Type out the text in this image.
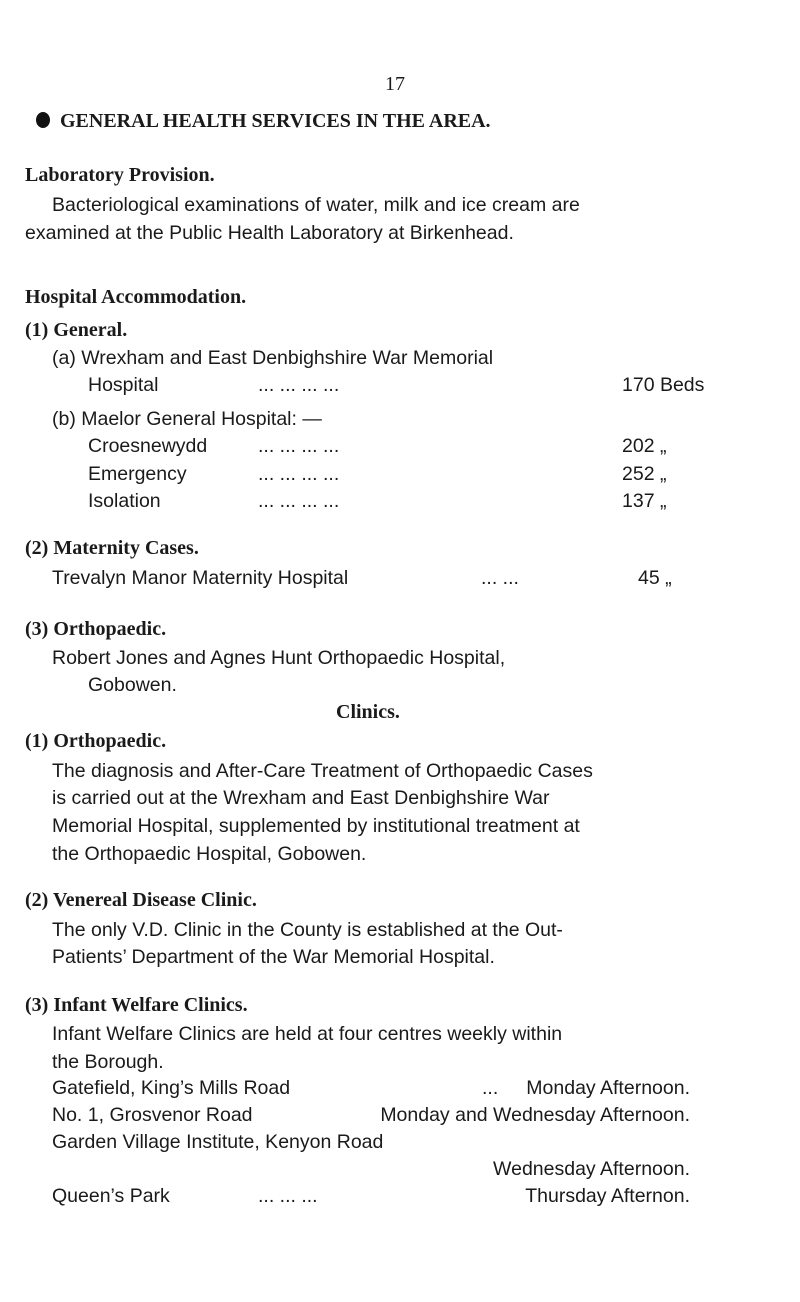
17
GENERAL HEALTH SERVICES IN THE AREA.
Laboratory Provision.
Bacteriological examinations of water, milk and ice cream are
examined at the Public Health Laboratory at Birkenhead.
Hospital Accommodation.
(1) General.
(a) Wrexham and East Denbighshire War Memorial
Hospital	... ... ... ...	170 Beds
(b) Maelor General Hospital: —
Croesnewydd	... ... ... ...	202 „
Emergency	... ... ... ...	252 „
Isolation	... ... ... ...	137 „
(2) Maternity Cases.
Trevalyn Manor Maternity Hospital	... ...	45 „
(3) Orthopaedic.
Robert Jones and Agnes Hunt Orthopaedic Hospital,
Gobowen.
Clinics.
(1) Orthopaedic.
The diagnosis and After-Care Treatment of Orthopaedic Cases
is carried out at the Wrexham and East Denbighshire War
Memorial Hospital, supplemented by institutional treatment at
the Orthopaedic Hospital, Gobowen.
(2) Venereal Disease Clinic.
The only V.D. Clinic in the County is established at the Out-
Patients’ Department of the War Memorial Hospital.
(3) Infant Welfare Clinics.
Infant Welfare Clinics are held at four centres weekly within
the Borough.
Gatefield, King’s Mills Road	... Monday Afternoon.
No. 1, Grosvenor Road	Monday and Wednesday Afternoon.
Garden Village Institute, Kenyon Road
Wednesday Afternoon.
Queen’s Park	... ... ...	Thursday Afternon.
